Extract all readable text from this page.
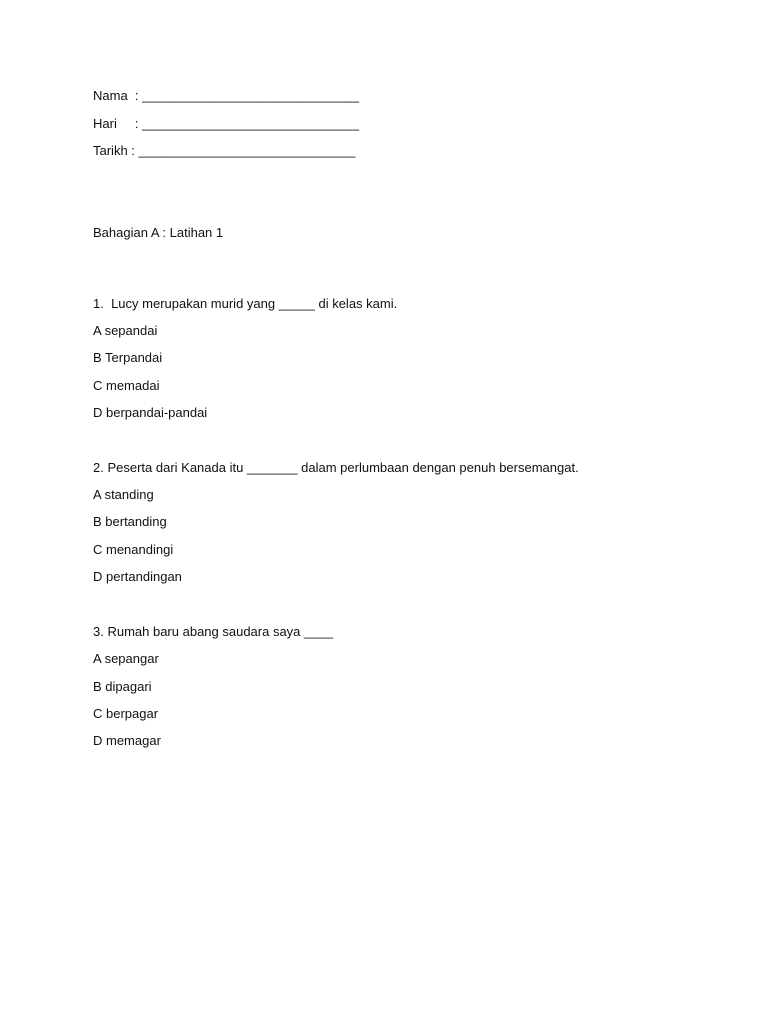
Nama  : ______________________________
Hari     : ______________________________
Tarikh : ______________________________
Bahagian A : Latihan 1
1.  Lucy merupakan murid yang _____ di kelas kami.
A sepandai
B Terpandai
C memadai
D berpandai-pandai
2. Peserta dari Kanada itu _______ dalam perlumbaan dengan penuh bersemangat.
A standing
B bertanding
C menandingi
D pertandingan
3. Rumah baru abang saudara saya ____
A sepangar
B dipagari
C berpagar
D memagar
